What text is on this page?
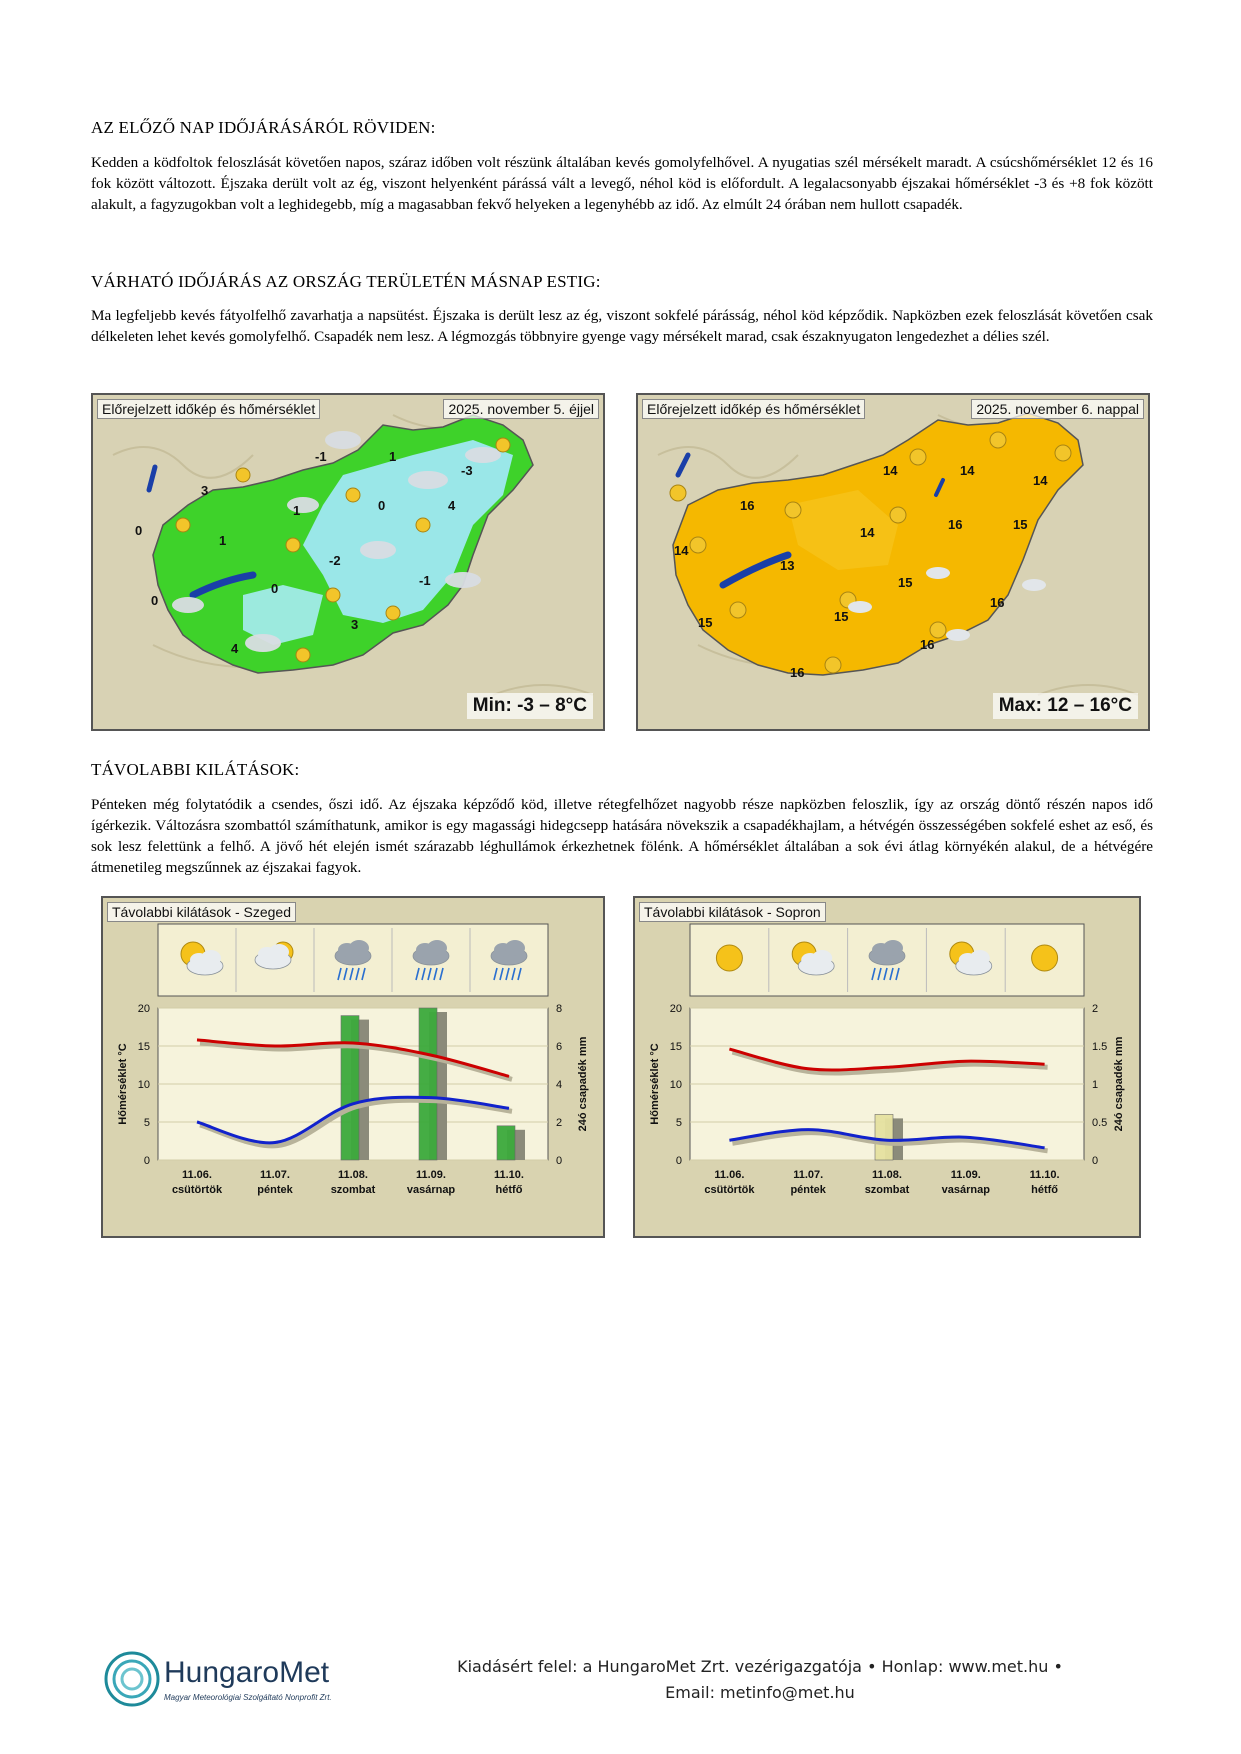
AZ ELŐZŐ NAP IDŐJÁRÁSÁRÓL RÖVIDEN:
Kedden a ködfoltok feloszlását követően napos, száraz időben volt részünk általában kevés gomolyfelhővel. A nyugatias szél mérsékelt maradt. A csúcshőmérséklet 12 és 16 fok között változott. Éjszaka derült volt az ég, viszont helyenként párássá vált a levegő, néhol köd is előfordult. A legalacsonyabb éjszakai hőmérséklet -3 és +8 fok között alakult, a fagyzugokban volt a leghidegebb, míg a magasabban fekvő helyeken a legenyhébb az idő. Az elmúlt 24 órában nem hullott csapadék.
VÁRHATÓ IDŐJÁRÁS AZ ORSZÁG TERÜLETÉN MÁSNAP ESTIG:
Ma legfeljebb kevés fátyolfelhő zavarhatja a napsütést. Éjszaka is derült lesz az ég, viszont sokfelé párásság, néhol köd képződik. Napközben ezek feloszlását követően csak délkeleten lehet kevés gomolyfelhő. Csapadék nem lesz. A légmozgás többnyire gyenge vagy mérsékelt marad, csak északnyugaton lengedezhet a délies szél.
3
-1	1
-3
1	0	4
0
1
-2
-1
0
0
3
4
Előrejelzett időkép és hőmérséklet	2025. november 5. éjjel
Min: -3 – 8°C
16
14	14
14
14
16	15
14
13
15
15
16
15
16
16
Előrejelzett időkép és hőmérséklet	2025. november 6. nappal
Max: 12 – 16°C
TÁVOLABBI KILÁTÁSOK:
Pénteken még folytatódik a csendes, őszi idő. Az éjszaka képződő köd, illetve rétegfelhőzet nagyobb része napközben feloszlik, így az ország döntő részén napos idő ígérkezik. Változásra szombattól számíthatunk, amikor is egy magassági hidegcsepp hatására növekszik a csapadékhajlam, a hétvégén összességében sokfelé eshet az eső, és sok lesz felettünk a felhő. A jövő hét elején ismét szárazabb léghullámok érkezhetnek fölénk. A hőmérséklet általában a sok évi átlag környékén alakul, de a hétvégére átmenetileg megszűnnek az éjszakai fagyok.
0
5
10
15
20
0
2
4
6
8
Hőmérséklet °C	24ó csapadék mm
11.06.
csütörtök
11.07.
péntek
11.08.
szombat
11.09.
vasárnap
11.10.
hétfő
Távolabbi kilátások - Szeged
0
5
10
15
20
0
0.5
1
1.5
2
Hőmérséklet °C	24ó csapadék mm
11.06.
csütörtök
11.07.
péntek
11.08.
szombat
11.09.
vasárnap
11.10.
hétfő
Távolabbi kilátások - Sopron
HungaroMet
Magyar Meteorológiai Szolgáltató Nonprofit Zrt.
Kiadásért felel: a HungaroMet Zrt. vezérigazgatója • Honlap: www.met.hu •
Email: metinfo@met.hu
